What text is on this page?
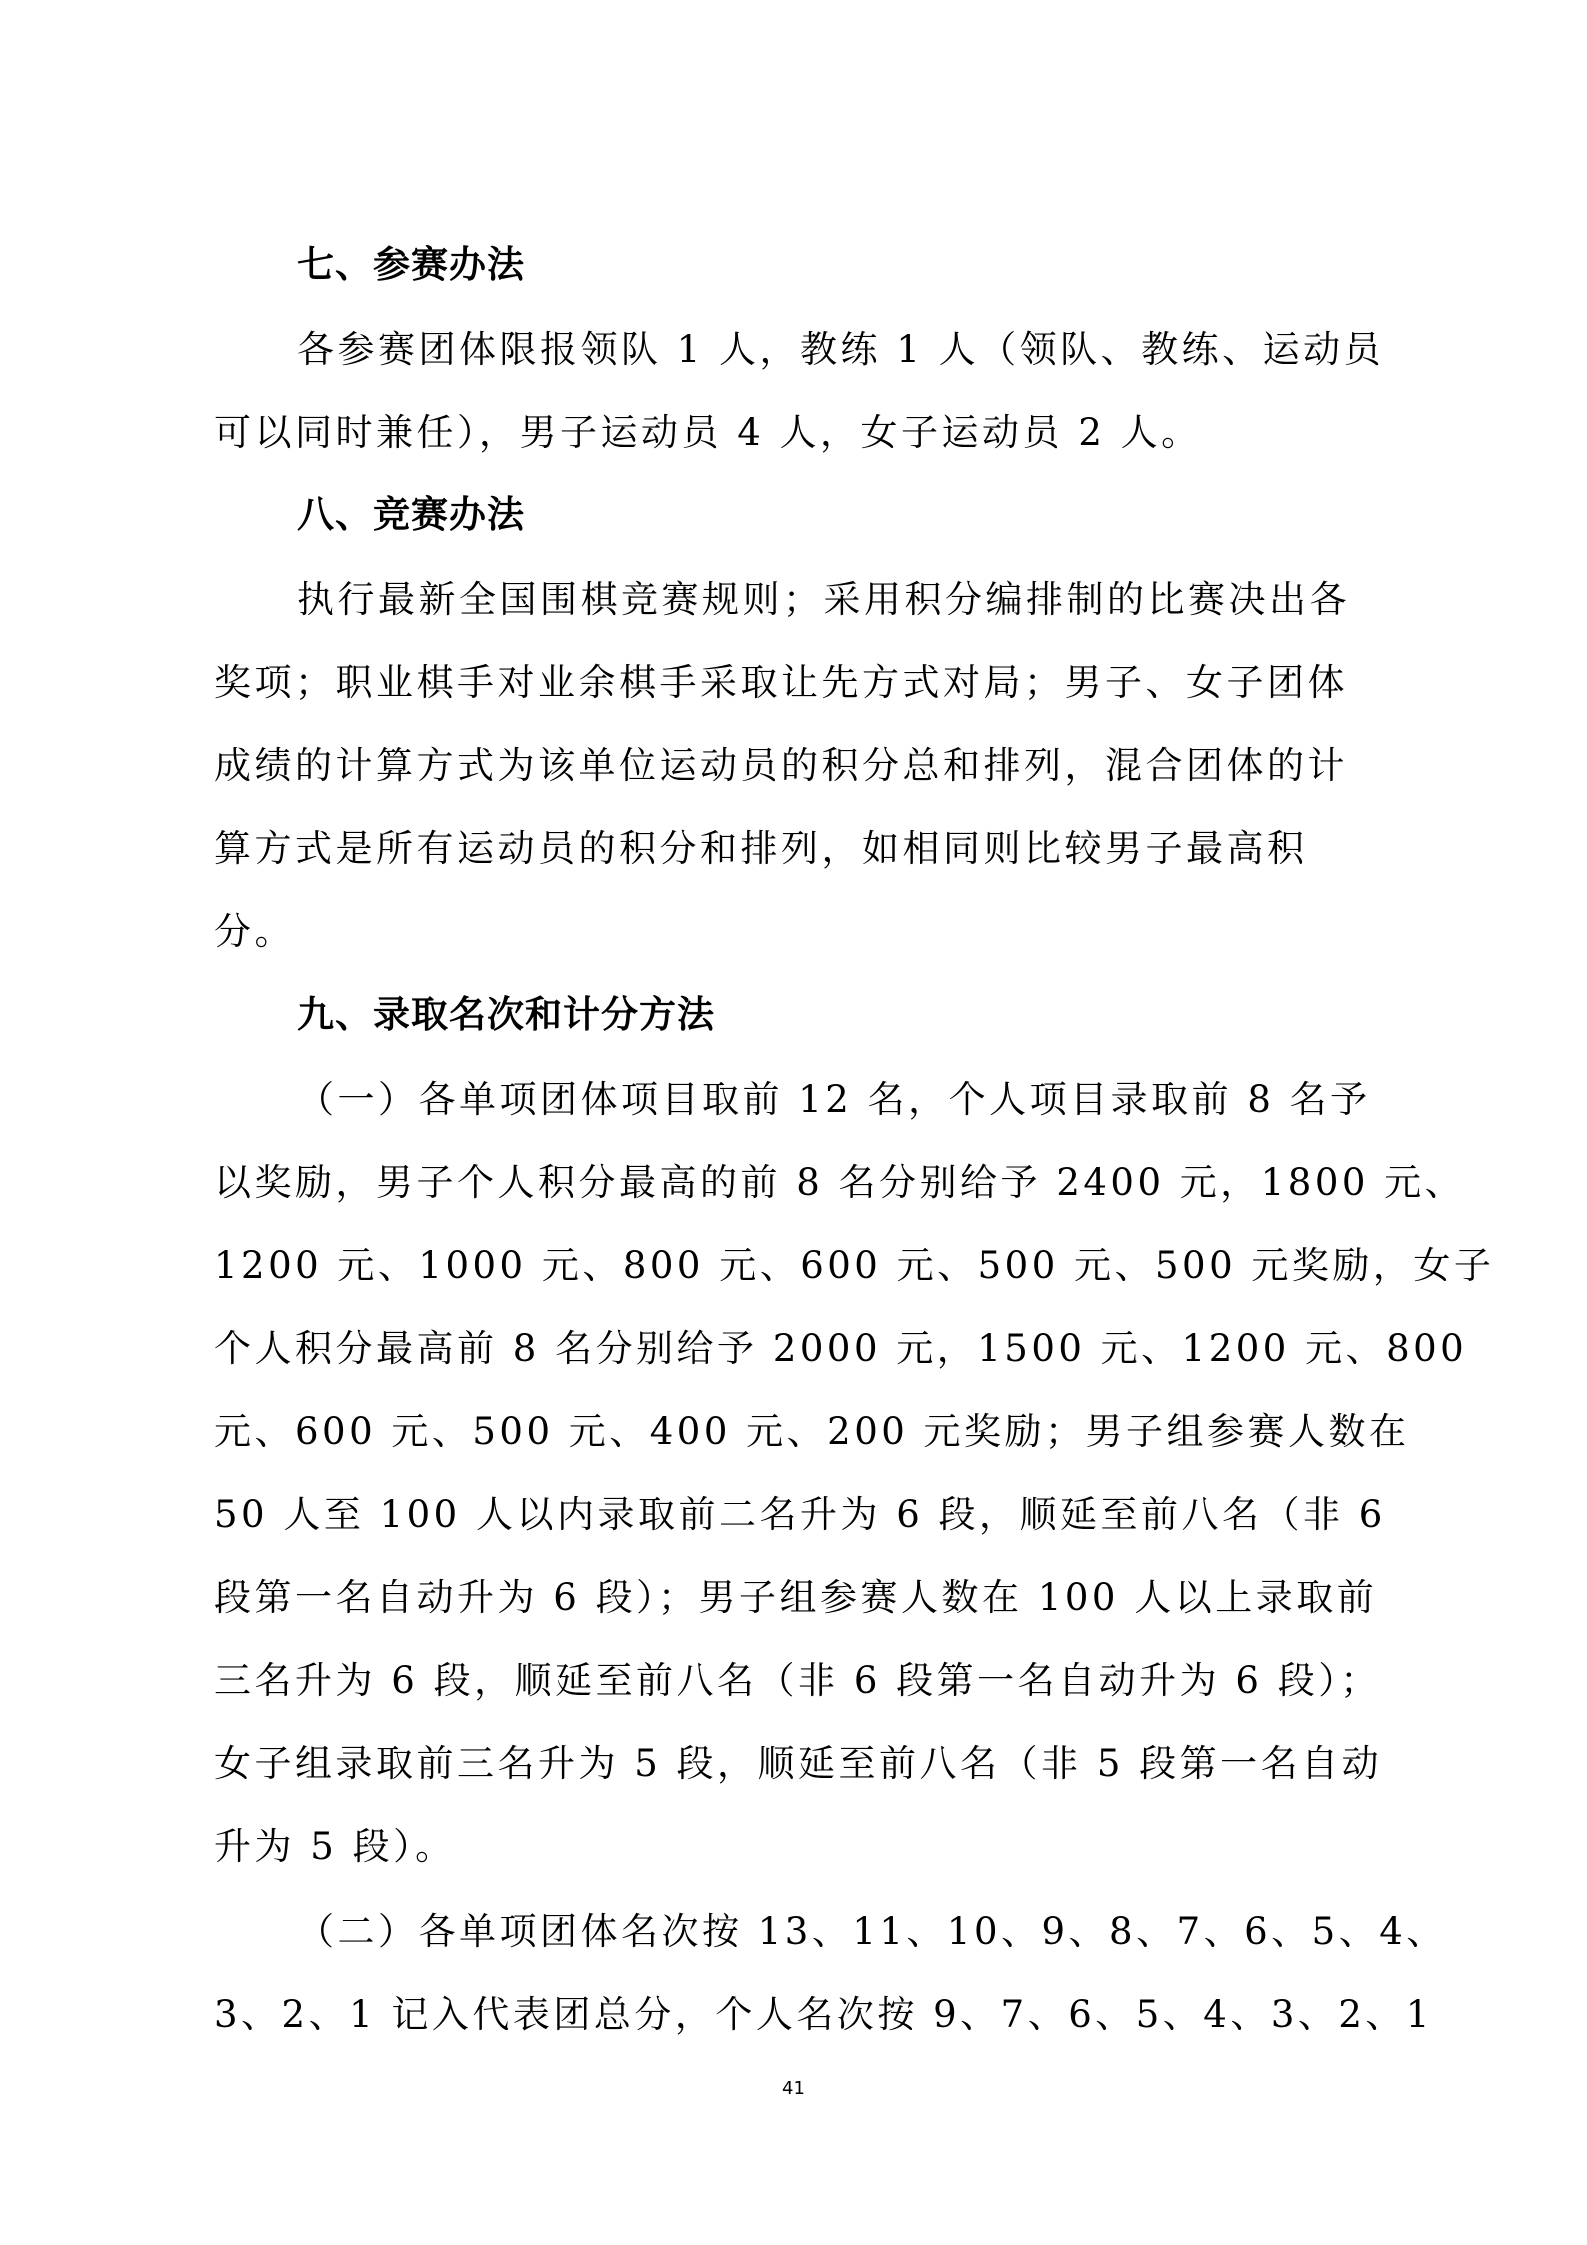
七、参赛办法
各参赛团体限报领队 1 人，教练 1 人（领队、教练、运动员
可以同时兼任），男子运动员 4 人，女子运动员 2 人。
八、竞赛办法
执行最新全国围棋竞赛规则；采用积分编排制的比赛决出各
奖项；职业棋手对业余棋手采取让先方式对局；男子、女子团体
成绩的计算方式为该单位运动员的积分总和排列，混合团体的计
算方式是所有运动员的积分和排列，如相同则比较男子最高积
分。
九、录取名次和计分方法
（一）各单项团体项目取前 12 名，个人项目录取前 8 名予
以奖励，男子个人积分最高的前 8 名分别给予 2400 元，1800 元、
1200 元、1000 元、800 元、600 元、500 元、500 元奖励，女子
个人积分最高前 8 名分别给予 2000 元，1500 元、1200 元、800
元、600 元、500 元、400 元、200 元奖励；男子组参赛人数在
50 人至 100 人以内录取前二名升为 6 段，顺延至前八名（非 6
段第一名自动升为 6 段）；男子组参赛人数在 100 人以上录取前
三名升为 6 段，顺延至前八名（非 6 段第一名自动升为 6 段）；
女子组录取前三名升为 5 段，顺延至前八名（非 5 段第一名自动
升为 5 段）。
（二）各单项团体名次按 13、11、10、9、8、7、6、5、4、
3、2、1 记入代表团总分，个人名次按 9、7、6、5、4、3、2、1
41
